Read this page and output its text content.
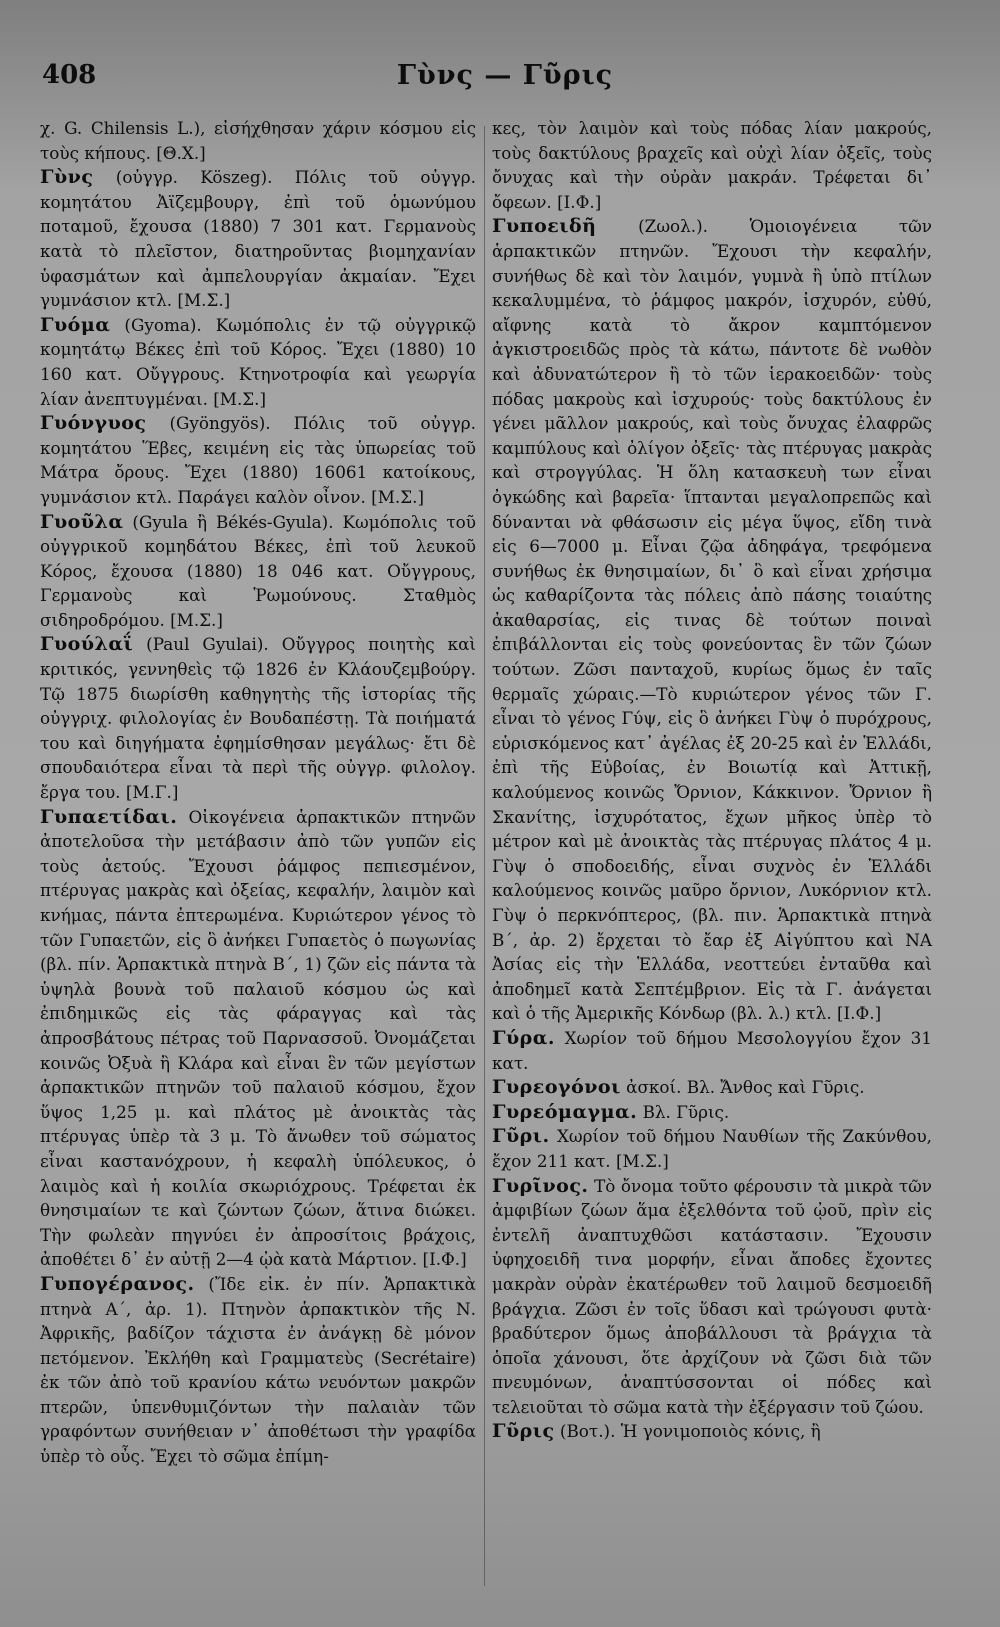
408	Γὺνς — Γῦρις

χ. G. Chilensis L.), εἰσήχθησαν χάριν κόσμου εἰς τοὺς κήπους. [Θ.Χ.]

Γὺνς (οὐγγρ. Köszeg). Πόλις τοῦ οὐγγρ. κομητάτου Ἀϊζεμβουργ, ἐπὶ τοῦ ὁμωνύμου ποταμοῦ, ἔχουσα (1880) 7 301 κατ. Γερμανοὺς κατὰ τὸ πλεῖστον, διατηροῦντας βιομηχανίαν ὑφασμάτων καὶ ἀμπελουργίαν ἀκμαίαν. Ἔχει γυμνάσιον κτλ. [Μ.Σ.]

Γυόμα (Gyoma). Κωμόπολις ἐν τῷ οὐγγρικῷ κομητάτῳ Βέκες ἐπὶ τοῦ Κόρος. Ἔχει (1880) 10 160 κατ. Οὔγγρους. Κτηνοτροφία καὶ γεωργία λίαν ἀνεπτυγμέναι. [Μ.Σ.]

Γυόνγυος (Gyöngyös). Πόλις τοῦ οὐγγρ. κομητάτου Ἕβες, κειμένη εἰς τὰς ὑπωρείας τοῦ Μάτρα ὄρους. Ἔχει (1880) 16061 κατοίκους, γυμνάσιον κτλ. Παράγει καλὸν οἶνον. [Μ.Σ.]

Γυοῦλα (Gyula ἢ Békés-Gyula). Κωμόπολις τοῦ οὐγγρικοῦ κομηδάτου Βέκες, ἐπὶ τοῦ λευκοῦ Κόρος, ἔχουσα (1880) 18 046 κατ. Οὔγγρους, Γερμανοὺς καὶ Ῥωμούνους. Σταθμὸς σιδηροδρόμου. [Μ.Σ.]

Γυούλαΐ (Paul Gyulai). Οὔγγρος ποιητὴς καὶ κριτικός, γεννηθεὶς τῷ 1826 ἐν Κλάουζεμβούργ. Τῷ 1875 διωρίσθη καθηγητὴς τῆς ἱστορίας τῆς οὐγγριχ. φιλολογίας ἐν Βουδαπέστῃ. Τὰ ποιήματά του καὶ διηγήματα ἐφημίσθησαν μεγάλως· ἔτι δὲ σπουδαιότερα εἶναι τὰ περὶ τῆς οὐγγρ. φιλολογ. ἔργα του. [Μ.Γ.]

Γυπαετίδαι. Οἰκογένεια ἁρπακτικῶν πτηνῶν ἀποτελοῦσα τὴν μετάβασιν ἀπὸ τῶν γυπῶν εἰς τοὺς ἀετούς. Ἔχουσι ῥάμφος πεπιεσμένον, πτέρυγας μακρὰς καὶ ὀξείας, κεφαλήν, λαιμὸν καὶ κνήμας, πάντα ἐπτερωμένα. Κυριώτερον γένος τὸ τῶν Γυπαετῶν, εἰς ὃ ἀνήκει Γυπαετὸς ὁ πωγωνίας (βλ. πίν. Ἁρπακτικὰ πτηνὰ Β΄, 1) ζῶν εἰς πάντα τὰ ὑψηλὰ βουνὰ τοῦ παλαιοῦ κόσμου ὡς καὶ ἐπιδημικῶς εἰς τὰς φάραγγας καὶ τὰς ἀπροσβάτους πέτρας τοῦ Παρνασσοῦ. Ὀνομάζεται κοινῶς Ὀξυὰ ἢ Κλάρα καὶ εἶναι ἓν τῶν μεγίστων ἁρπακτικῶν πτηνῶν τοῦ παλαιοῦ κόσμου, ἔχον ὕψος 1,25 μ. καὶ πλάτος μὲ ἀνοικτὰς τὰς πτέρυγας ὑπὲρ τὰ 3 μ. Τὸ ἄνωθεν τοῦ σώματος εἶναι καστανόχρουν, ἡ κεφαλὴ ὑπόλευκος, ὁ λαιμὸς καὶ ἡ κοιλία σκωριόχρους. Τρέφεται ἐκ θνησιμαίων τε καὶ ζώντων ζώων, ἅτινα διώκει. Τὴν φωλεὰν πηγνύει ἐν ἀπροσίτοις βράχοις, ἀποθέτει δ᾽ ἐν αὐτῇ 2—4 ᾠὰ κατὰ Μάρτιον. [Ι.Φ.]

Γυπογέρανος. (Ἴδε εἰκ. ἐν πίν. Ἁρπακτικὰ πτηνὰ Α΄, ἀρ. 1). Πτηνὸν ἁρπακτικὸν τῆς Ν. Ἀφρικῆς, βαδίζον τάχιστα ἐν ἀνάγκῃ δὲ μόνον πετόμενον. Ἐκλήθη καὶ Γραμματεὺς (Secrétaire) ἐκ τῶν ἀπὸ τοῦ κρανίου κάτω νευόντων μακρῶν πτερῶν, ὑπενθυμιζόντων τὴν παλαιὰν τῶν γραφόντων συνήθειαν ν᾽ ἀποθέτωσι τὴν γραφίδα ὑπὲρ τὸ οὖς. Ἔχει τὸ σῶμα ἐπίμη-

κες, τὸν λαιμὸν καὶ τοὺς πόδας λίαν μακρούς, τοὺς δακτύλους βραχεῖς καὶ οὐχὶ λίαν ὀξεῖς, τοὺς ὄνυχας καὶ τὴν οὐρὰν μακράν. Τρέφεται δι᾽ ὄφεων. [Ι.Φ.]

Γυποειδῆ (Ζωολ.). Ὁμοιογένεια τῶν ἁρπακτικῶν πτηνῶν. Ἔχουσι τὴν κεφαλήν, συνήθως δὲ καὶ τὸν λαιμόν, γυμνὰ ἢ ὑπὸ πτίλων κεκαλυμμένα, τὸ ῥάμφος μακρόν, ἰσχυρόν, εὐθύ, αἴφνης κατὰ τὸ ἄκρον καμπτόμενον ἀγκιστροειδῶς πρὸς τὰ κάτω, πάντοτε δὲ νωθὸν καὶ ἀδυνατώτερον ἢ τὸ τῶν ἱερακοειδῶν· τοὺς πόδας μακροὺς καὶ ἰσχυρούς· τοὺς δακτύλους ἐν γένει μᾶλλον μακρούς, καὶ τοὺς ὄνυχας ἐλαφρῶς καμπύλους καὶ ὀλίγον ὀξεῖς· τὰς πτέρυγας μακρὰς καὶ στρογγύλας. Ἡ ὅλη κατασκευὴ των εἶναι ὀγκώδης καὶ βαρεῖα· ἵπτανται μεγαλοπρεπῶς καὶ δύνανται νὰ φθάσωσιν εἰς μέγα ὕψος, εἴδη τινὰ εἰς 6—7000 μ. Εἶναι ζῷα ἀδηφάγα, τρεφόμενα συνήθως ἐκ θνησιμαίων, δι᾽ ὃ καὶ εἶναι χρήσιμα ὡς καθαρίζοντα τὰς πόλεις ἀπὸ πάσης τοιαύτης ἀκαθαρσίας, εἰς τινας δὲ τούτων ποιναὶ ἐπιβάλλονται εἰς τοὺς φονεύοντας ἓν τῶν ζώων τούτων. Ζῶσι πανταχοῦ, κυρίως ὅμως ἐν ταῖς θερμαῖς χώραις.—Τὸ κυριώτερον γένος τῶν Γ. εἶναι τὸ γένος Γύψ, εἰς ὃ ἀνήκει Γὺψ ὁ πυρόχρους, εὑρισκόμενος κατ᾽ ἀγέλας ἐξ 20-25 καὶ ἐν Ἑλλάδι, ἐπὶ τῆς Εὐβοίας, ἐν Βοιωτίᾳ καὶ Ἀττικῇ, καλούμενος κοινῶς Ὄρνιον, Κάκκινον. Ὄρνιον ἢ Σκανίτης, ἰσχυρότατος, ἔχων μῆκος ὑπὲρ τὸ μέτρον καὶ μὲ ἀνοικτὰς τὰς πτέρυγας πλάτος 4 μ. Γὺψ ὁ σποδοειδής, εἶναι συχνὸς ἐν Ἑλλάδι καλούμενος κοινῶς μαῦρο ὄρνιον, Λυκόρνιον κτλ. Γὺψ ὁ περκνόπτερος, (βλ. πιν. Ἁρπακτικὰ πτηνὰ Β΄, ἀρ. 2) ἔρχεται τὸ ἔαρ ἐξ Αἰγύπτου καὶ ΝΑ Ἀσίας εἰς τὴν Ἑλλάδα, νεοττεύει ἐνταῦθα καὶ ἀποδημεῖ κατὰ Σεπτέμβριον. Εἰς τὰ Γ. ἀνάγεται καὶ ὁ τῆς Ἀμερικῆς Κόνδωρ (βλ. λ.) κτλ. [Ι.Φ.]

Γύρα. Χωρίον τοῦ δήμου Μεσολογγίου ἔχον 31 κατ.

Γυρεογόνοι ἀσκοί. Βλ. Ἄνθος καὶ Γῦρις.

Γυρεόμαγμα. Βλ. Γῦρις.

Γῦρι. Χωρίον τοῦ δήμου Ναυθίων τῆς Ζακύνθου, ἔχον 211 κατ. [Μ.Σ.]

Γυρῖνος. Τὸ ὄνομα τοῦτο φέρουσιν τὰ μικρὰ τῶν ἀμφιβίων ζώων ἅμα ἐξελθόντα τοῦ ᾠοῦ, πρὶν εἰς ἐντελῆ ἀναπτυχθῶσι κατάστασιν. Ἔχουσιν ὑφηχοειδῆ τινα μορφήν, εἶναι ἄποδες ἔχοντες μακρὰν οὐρὰν ἑκατέρωθεν τοῦ λαιμοῦ δεσμοειδῆ βράγχια. Ζῶσι ἐν τοῖς ὕδασι καὶ τρώγουσι φυτὰ· βραδύτερον ὅμως ἀποβάλλουσι τὰ βράγχια τὰ ὁποῖα χάνουσι, ὅτε ἀρχίζουν νὰ ζῶσι διὰ τῶν πνευμόνων, ἀναπτύσσονται οἱ πόδες καὶ τελειοῦται τὸ σῶμα κατὰ τὴν ἐξέργασιν τοῦ ζώου.

Γῦρις (Βοτ.). Ἡ γονιμοποιὸς κόνις, ἢ
